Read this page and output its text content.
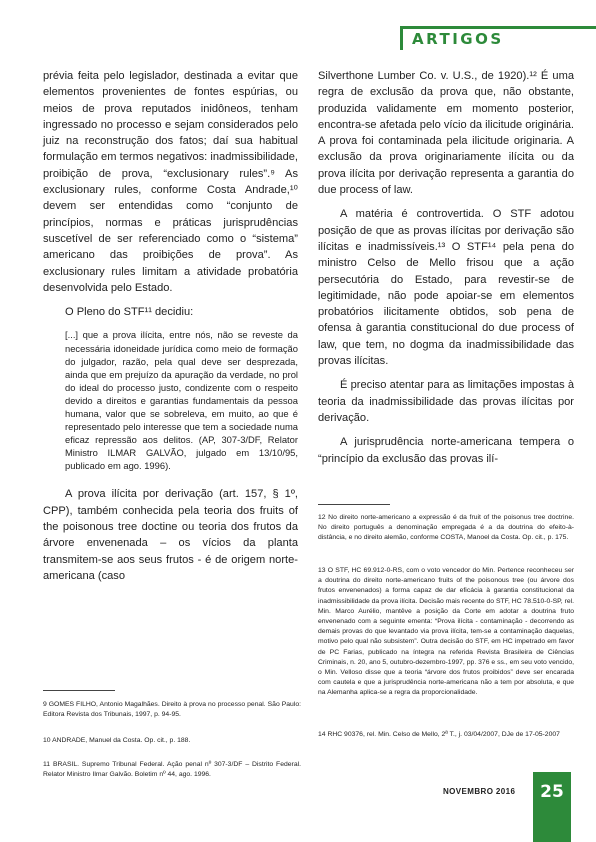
ARTIGOS

prévia feita pelo legislador, destinada a evitar que elementos provenientes de fontes espúrias, ou meios de prova reputados inidôneos, tenham ingressado no processo e sejam considerados pelo juiz na reconstrução dos fatos; daí sua habitual formulação em termos negativos: inadmissibilidade, proibição de prova, “exclusionary rules”.⁹ As exclusionary rules, conforme Costa Andrade,¹⁰ devem ser entendidas como “conjunto de princípios, normas e práticas jurisprudências suscetível de ser referenciado como o “sistema” americano das proibições de prova”. As exclusionary rules limitam a atividade probatória desenvolvida pelo Estado.

O Pleno do STF¹¹ decidiu:

[...] que a prova ilícita, entre nós, não se reveste da necessária idoneidade jurídica como meio de formação do julgador, razão, pela qual deve ser desprezada, ainda que em prejuízo da apuração da verdade, no prol do ideal do processo justo, condizente com o respeito devido a direitos e garantias fundamentais da pessoa humana, valor que se sobreleva, em muito, ao que é representado pelo interesse que tem a sociedade numa eficaz repressão aos delitos. (AP, 307-3/DF, Relator Ministro ILMAR GALVÃO, julgado em 13/10/95, publicado em ago. 1996).

A prova ilícita por derivação (art. 157, § 1º, CPP), também conhecida pela teoria dos fruits of the poisonous tree doctine ou teoria dos frutos da árvore envenenada – os vícios da planta transmitem-se aos seus frutos - é de origem norte-americana (caso

Silverthone Lumber Co. v. U.S., de 1920).¹² É uma regra de exclusão da prova que, não obstante, produzida validamente em momento posterior, encontra-se afetada pelo vício da ilicitude originária. A prova foi contaminada pela ilicitude originaria. A exclusão da prova originariamente ilícita ou da prova ilícita por derivação representa a garantia do due process of law.

A matéria é controvertida. O STF adotou posição de que as provas ilícitas por derivação são ilícitas e inadmissíveis.¹³ O STF¹⁴ pela pena do ministro Celso de Mello frisou que a ação persecutória do Estado, para revestir-se de legitimidade, não pode apoiar-se em elementos probatórios ilicitamente obtidos, sob pena de ofensa à garantia constitucional do due process of law, que tem, no dogma da inadmissibilidade das provas ilícitas.

É preciso atentar para as limitações impostas à teoria da inadmissibilidade das provas ilícitas por derivação.

A jurisprudência norte-americana tempera o “princípio da exclusão das provas ilí-

9 GOMES FILHO, Antonio Magalhães. Direito à prova no processo penal. São Paulo: Editora Revista dos Tribunais, 1997, p. 94-95.
10 ANDRADE, Manuel da Costa. Op. cit., p. 188.
11 BRASIL. Supremo Tribunal Federal. Ação penal nº 307-3/DF – Distrito Federal. Relator Ministro Ilmar Galvão. Boletim nº 44, ago. 1996.
12 No direito norte-americano a expressão é da fruit of the poisonus tree doctrine. No direito português a denominação empregada é a da doutrina do efeito-à-distância, e no direito alemão, conforme COSTA, Manoel da Costa. Op. cit., p. 175.
13 O STF, HC 69.912-0-RS, com o voto vencedor do Min. Pertence reconheceu ser a doutrina do direito norte-americano fruits of the poisonous tree (ou árvore dos frutos envenenados) a forma capaz de dar eficácia à garantia constitucional da inadmissibilidade da prova ilícita. Decisão mais recente do STF, HC 78.510-0-SP, rel. Min. Marco Aurélio, mantêve a posição da Corte em adotar a doutrina fruto envenenado com a seguinte ementa: “Prova ilícita - contaminação - decorrendo as demais provas do que levantado via prova ilícita, tem-se a contaminação daquelas, motivo pelo qual não subsistem”. Outra decisão do STF, em HC impetrado em favor de PC Farias, publicado na íntegra na referida Revista Brasileira de Ciências Criminais, n. 20, ano 5, outubro-dezembro-1997, pp. 376 e ss., em seu voto vencido, o Min. Velloso disse que a teoria “árvore dos frutos proibidos” deve ser encarada com cautela e que a jurisprudência norte-americana não a tem por absoluta, e que na Alemanha aplica-se a regra da proporcionalidade.
14 RHC 90376, rel. Min. Celso de Mello, 2ª T., j. 03/04/2007, DJe de 17-05-2007
NOVEMBRO 2016	25
